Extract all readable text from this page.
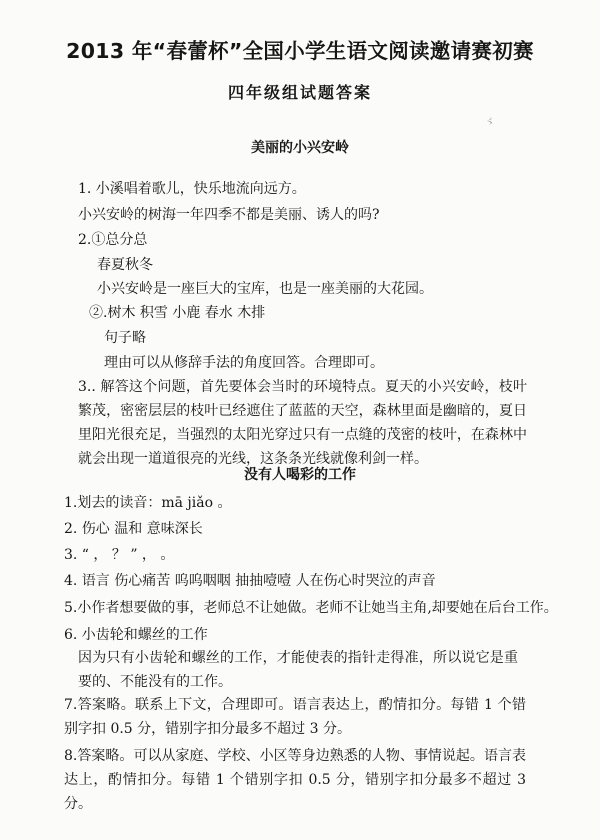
2013 年“春蕾杯”全国小学生语文阅读邀请赛初赛
四年级组试题答案
ゞ
美丽的小兴安岭
1. 小溪唱着歌儿，快乐地流向远方。
小兴安岭的树海一年四季不都是美丽、诱人的吗?
2.①总分总
春夏秋冬
小兴安岭是一座巨大的宝库，也是一座美丽的大花园。
②.树木 积雪 小鹿 春水 木排
句子略
理由可以从修辞手法的角度回答。合理即可。
3.. 解答这个问题，首先要体会当时的环境特点。夏天的小兴安岭，枝叶繁茂，密密层层的枝叶已经遮住了蓝蓝的天空，森林里面是幽暗的，夏日里阳光很充足，当强烈的太阳光穿过只有一点缝的茂密的枝叶，在森林中就会出现一道道很亮的光线，这条条光线就像利剑一样。
没有人喝彩的工作
1.划去的读音：mā jiǎo 。
2. 伤心 温和 意味深长
3. “ ， ？ ” ， 。
4. 语言 伤心痛苦 呜呜咽咽 抽抽噎噎 人在伤心时哭泣的声音
5.小作者想要做的事，老师总不让她做。老师不让她当主角,却要她在后台工作。
6. 小齿轮和螺丝的工作
因为只有小齿轮和螺丝的工作，才能使表的指针走得准，所以说它是重要的、不能没有的工作。
7.答案略。联系上下文，合理即可。语言表达上，酌情扣分。每错 1 个错别字扣 0.5 分，错别字扣分最多不超过 3 分。
8.答案略。可以从家庭、学校、小区等身边熟悉的人物、事情说起。语言表达上，酌情扣分。每错 1 个错别字扣 0.5 分，错别字扣分最多不超过 3 分。
